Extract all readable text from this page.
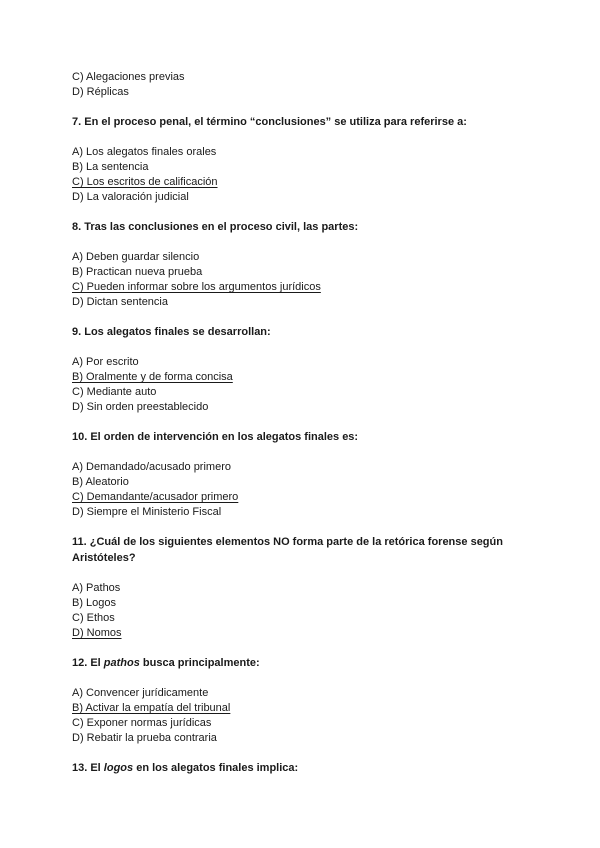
C) Alegaciones previas
D) Réplicas
7. En el proceso penal, el término “conclusiones” se utiliza para referirse a:
A) Los alegatos finales orales
B) La sentencia
C) Los escritos de calificación
D) La valoración judicial
8. Tras las conclusiones en el proceso civil, las partes:
A) Deben guardar silencio
B) Practican nueva prueba
C) Pueden informar sobre los argumentos jurídicos
D) Dictan sentencia
9. Los alegatos finales se desarrollan:
A) Por escrito
B) Oralmente y de forma concisa
C) Mediante auto
D) Sin orden preestablecido
10. El orden de intervención en los alegatos finales es:
A) Demandado/acusado primero
B) Aleatorio
C) Demandante/acusador primero
D) Siempre el Ministerio Fiscal
11. ¿Cuál de los siguientes elementos NO forma parte de la retórica forense según Aristóteles?
A) Pathos
B) Logos
C) Ethos
D) Nomos
12. El pathos busca principalmente:
A) Convencer jurídicamente
B) Activar la empatía del tribunal
C) Exponer normas jurídicas
D) Rebatir la prueba contraria
13. El logos en los alegatos finales implica:
